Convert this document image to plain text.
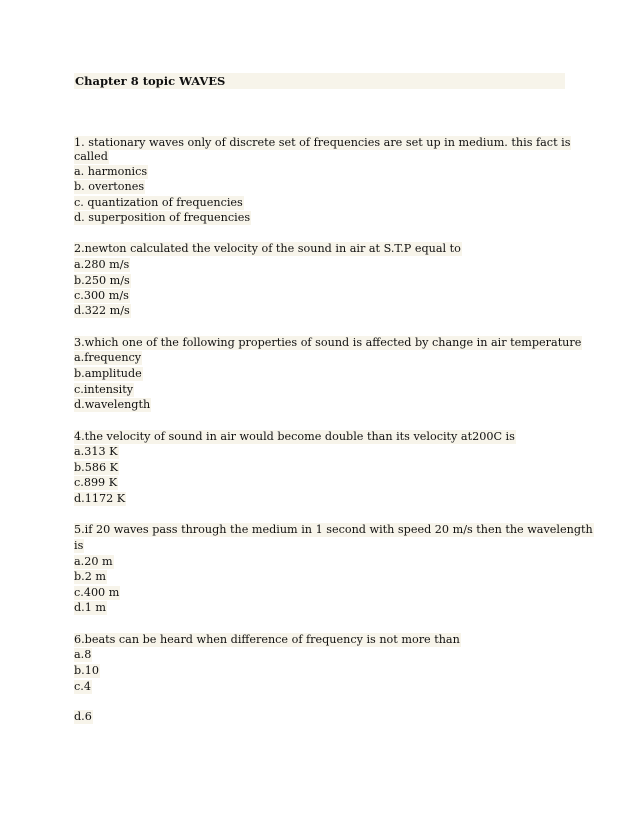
Chapter 8 topic WAVES
1. stationary waves only of discrete set of frequencies are set up in medium. this fact is
called
a. harmonics
b. overtones
c. quantization of frequencies
d. superposition of frequencies
2.newton calculated the velocity of the sound in air at S.T.P equal to
a.280 m/s
b.250 m/s
c.300 m/s
d.322 m/s
3.which one of the following properties of sound is affected by change in air temperature
a.frequency
b.amplitude
c.intensity
d.wavelength
4.the velocity of sound in air would become double than its velocity at200C is
a.313 K
b.586 K
c.899 K
d.1172 K
5.if 20 waves pass through the medium in 1 second with speed 20 m/s then the wavelength
is
a.20 m
b.2 m
c.400 m
d.1 m
6.beats can be heard when difference of frequency is not more than
a.8
b.10
c.4
d.6
